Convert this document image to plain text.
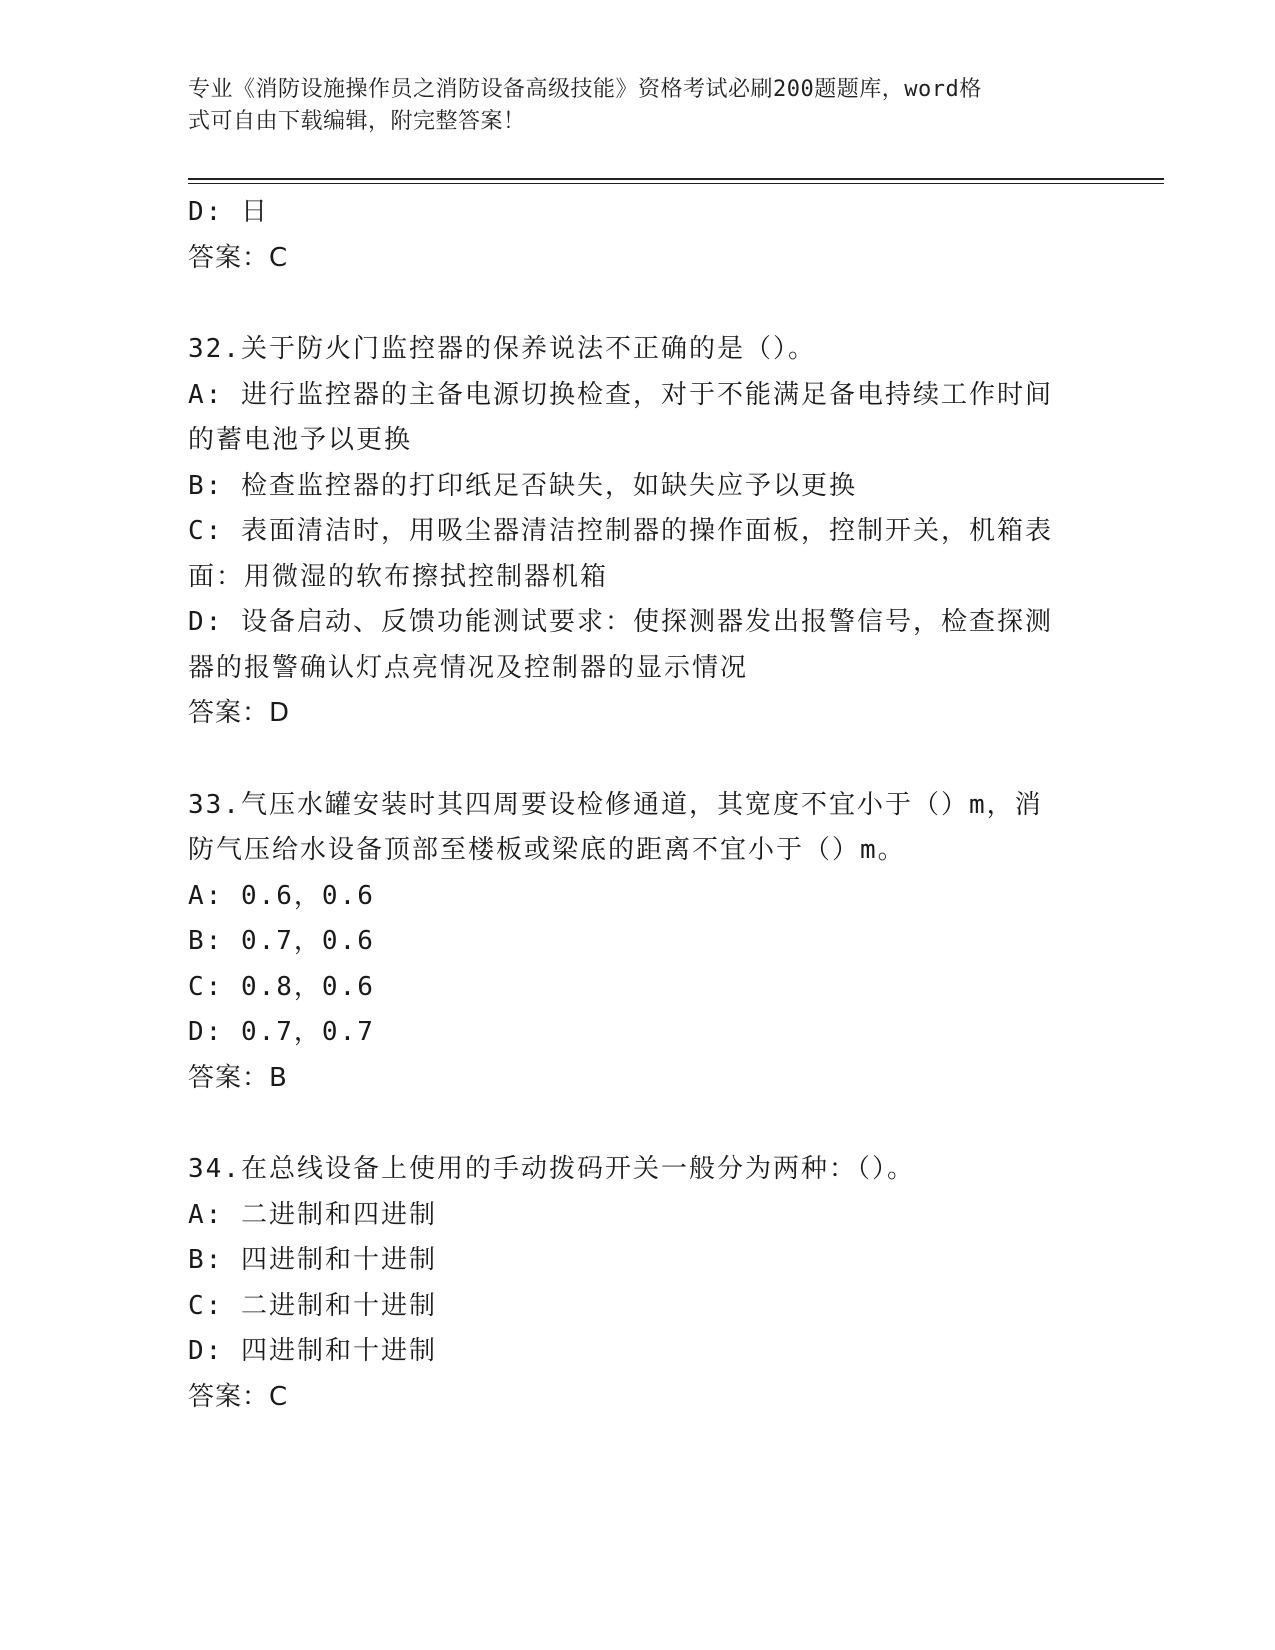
专业《消防设施操作员之消防设备高级技能》资格考试必刷200题题库，word格
式可自由下载编辑，附完整答案！

D: 日

答案：C

32.关于防火门监控器的保养说法不正确的是（）。

A: 进行监控器的主备电源切换检查，对于不能满足备电持续工作时间

的蓄电池予以更换

B: 检查监控器的打印纸足否缺失，如缺失应予以更换

C: 表面清洁时，用吸尘器清洁控制器的操作面板，控制开关，机箱表

面：用微湿的软布擦拭控制器机箱

D: 设备启动、反馈功能测试要求：使探测器发出报警信号，检查探测

器的报警确认灯点亮情况及控制器的显示情况

答案：D

33.气压水罐安装时其四周要设检修通道，其宽度不宜小于（）m，消

防气压给水设备顶部至楼板或梁底的距离不宜小于（）m。

A: 0.6，0.6

B: 0.7，0.6

C: 0.8，0.6

D: 0.7，0.7

答案：B

34.在总线设备上使用的手动拨码开关一般分为两种：（）。

A: 二进制和四进制

B: 四进制和十进制

C: 二进制和十进制

D: 四进制和十进制

答案：C
